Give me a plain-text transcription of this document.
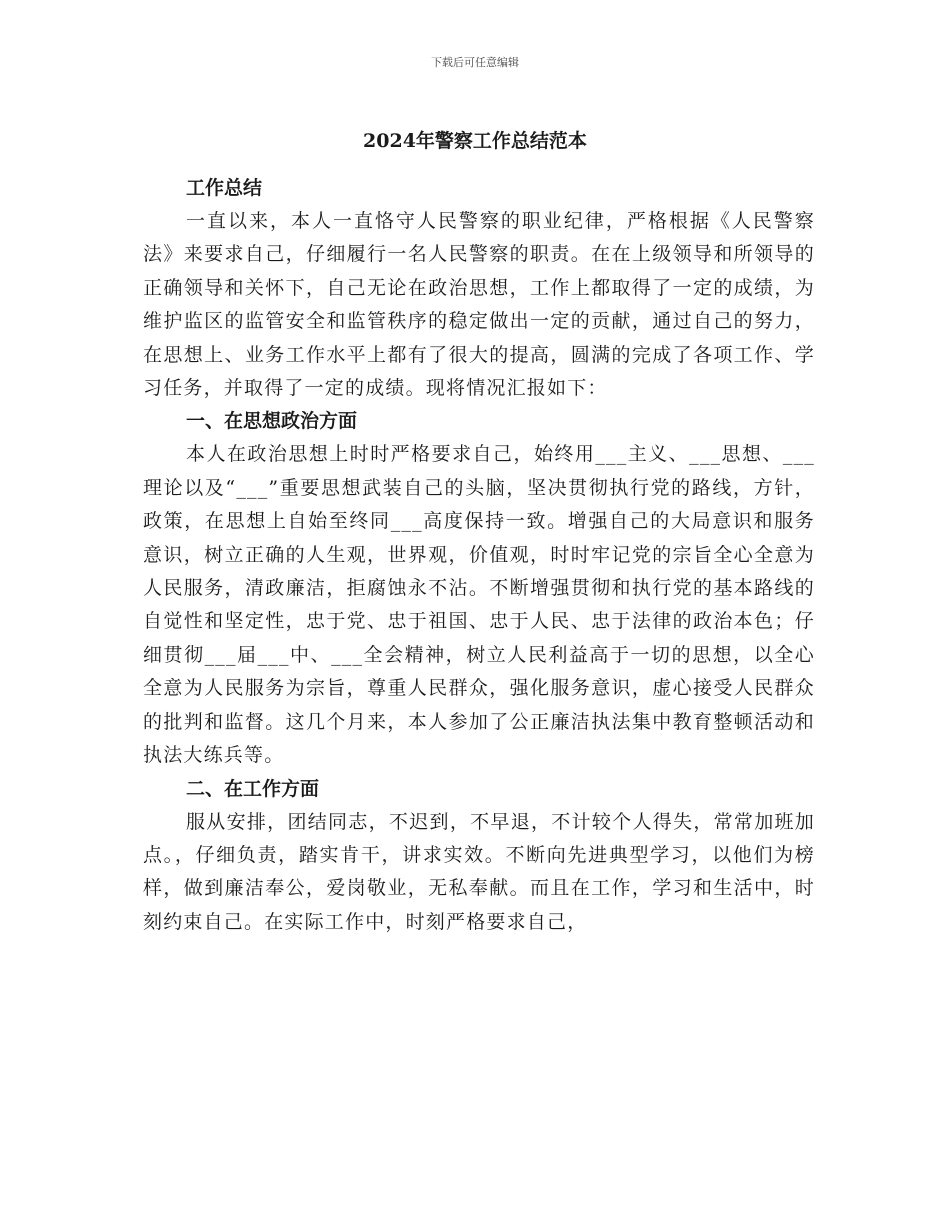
下载后可任意编辑
2024年警察工作总结范本
工作总结

一直以来，本人一直恪守人民警察的职业纪律，严格根据《人民警察法》来要求自己，仔细履行一名人民警察的职责。在在上级领导和所领导的正确领导和关怀下，自己无论在政治思想，工作上都取得了一定的成绩，为维护监区的监管安全和监管秩序的稳定做出一定的贡献，通过自己的努力，在思想上、业务工作水平上都有了很大的提高，圆满的完成了各项工作、学习任务，并取得了一定的成绩。现将情况汇报如下：

一、在思想政治方面

本人在政治思想上时时严格要求自己，始终用___主义、___思想、___理论以及“___”重要思想武装自己的头脑，坚决贯彻执行党的路线，方针，政策，在思想上自始至终同___高度保持一致。增强自己的大局意识和服务意识，树立正确的人生观，世界观，价值观，时时牢记党的宗旨全心全意为人民服务，清政廉洁，拒腐蚀永不沾。不断增强贯彻和执行党的基本路线的自觉性和坚定性，忠于党、忠于祖国、忠于人民、忠于法律的政治本色；仔细贯彻___届___中、___全会精神，树立人民利益高于一切的思想，以全心全意为人民服务为宗旨，尊重人民群众，强化服务意识，虚心接受人民群众的批判和监督。这几个月来，本人参加了公正廉洁执法集中教育整顿活动和执法大练兵等。

二、在工作方面

服从安排，团结同志，不迟到，不早退，不计较个人得失，常常加班加点。，仔细负责，踏实肯干，讲求实效。不断向先进典型学习，以他们为榜样，做到廉洁奉公，爱岗敬业，无私奉献。而且在工作，学习和生活中，时刻约束自己。在实际工作中，时刻严格要求自己，
